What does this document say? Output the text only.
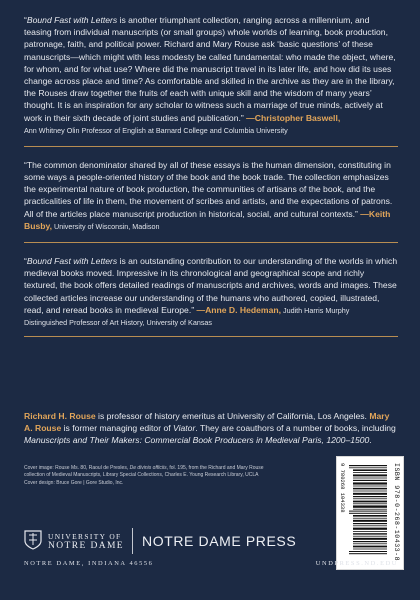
“Bound Fast with Letters is another triumphant collection, ranging across a millennium, and teasing from individual manuscripts (or small groups) whole worlds of learning, book production, patronage, faith, and political power. Richard and Mary Rouse ask ‘basic questions’ of these manuscripts—which might with less modesty be called fundamental: who made the object, where, for whom, and for what use? Where did the manuscript travel in its later life, and how did its uses change across place and time? As comfortable and skilled in the archive as they are in the library, the Rouses draw together the fruits of each with unique skill and the wisdom of many years’ thought. It is an inspiration for any scholar to witness such a marriage of true minds, actively at work in their sixth decade of joint studies and publication.” —Christopher Baswell,

Ann Whitney Olin Professor of English at Barnard College and Columbia University

“The common denominator shared by all of these essays is the human dimension, constituting in some ways a people-oriented history of the book and the book trade. The collection emphasizes the experimental nature of book production, the communities of artisans of the book, and the practicalities of life in them, the movement of scribes and artists, and the expectations of patrons. All of the articles place manuscript production in historical, social, and cultural contexts.” —Keith Busby, University of Wisconsin, Madison

“Bound Fast with Letters is an outstanding contribution to our understanding of the worlds in which medieval books moved. Impressive in its chronological and geographical scope and richly textured, the book offers detailed readings of manuscripts and archives, words and images. These collected articles increase our understanding of the humans who authored, copied, illustrated, read, and reread books in medieval Europe.” —Anne D. Hedeman, Judith Harris Murphy

Distinguished Professor of Art History, University of Kansas
Richard H. Rouse is professor of history emeritus at University of California, Los Angeles. Mary A. Rouse is former managing editor of Viator. They are coauthors of a number of books, including Manuscripts and Their Makers: Commercial Book Producers in Medieval Paris, 1200–1500.

Cover image: Rouse Ms. 80, Raoul de Presles, De divinis officiis, fol. 195, from the Richard and Mary Rouse collection of Medieval Manuscripts, Library Special Collections, Charles E. Young Research Library, UCLA

Cover design: Bruce Gore | Gore Studio, Inc.	9 780268 104338	ISBN 978-0-268-10433-8
UNIVERSITY OF
NOTRE DAME NOTRE DAME PRESS
NOTRE DAME, INDIANA 46556	UNDPRESS.ND.EDU
